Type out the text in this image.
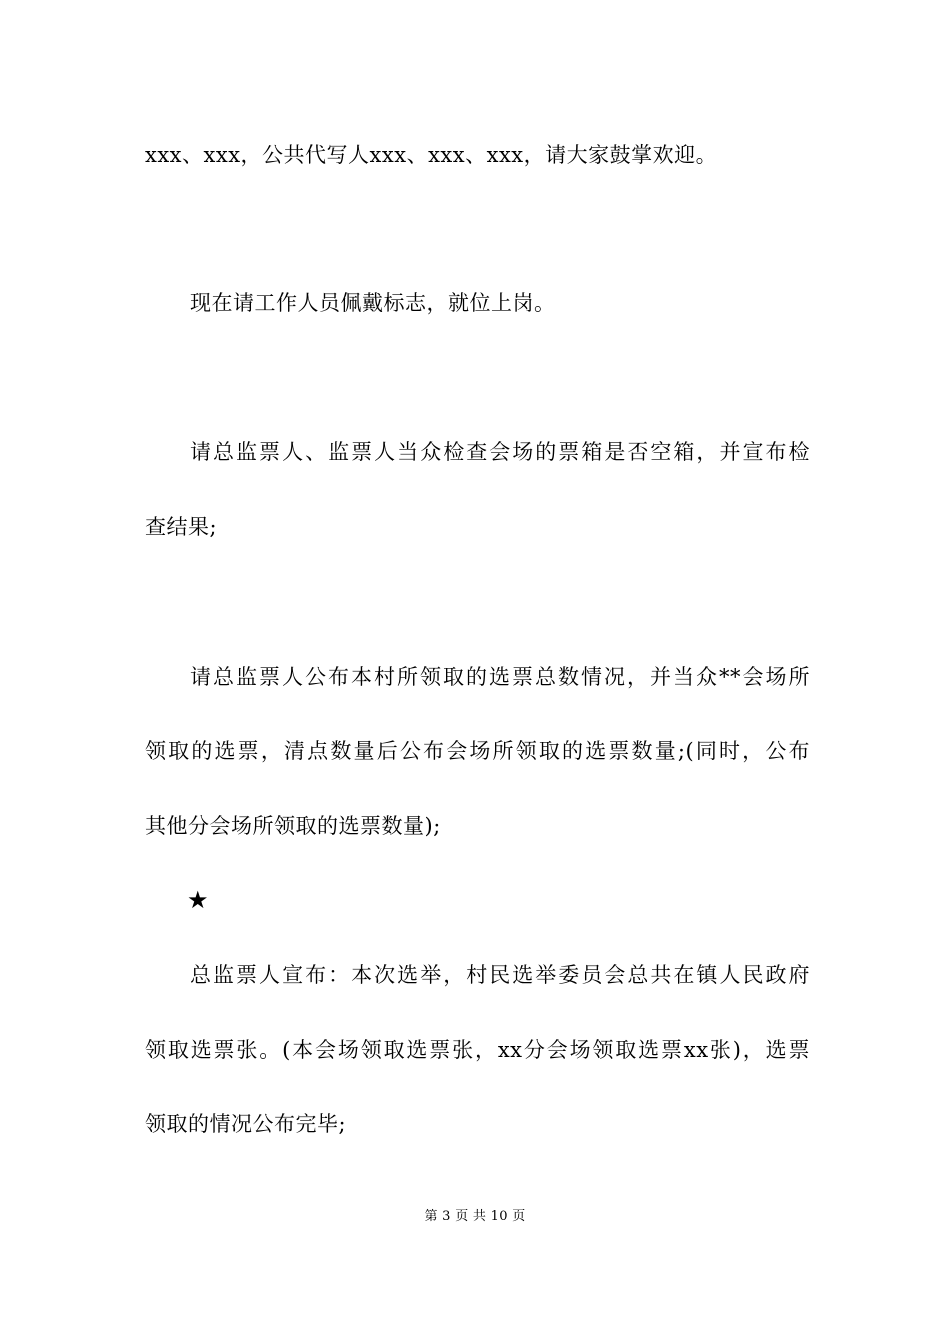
xxx、xxx，公共代写人xxx、xxx、xxx，请大家鼓掌欢迎。
现在请工作人员佩戴标志，就位上岗。
请总监票人、监票人当众检查会场的票箱是否空箱，并宣布检
查结果;
请总监票人公布本村所领取的选票总数情况，并当众**会场所
领取的选票，清点数量后公布会场所领取的选票数量;(同时，公布
其他分会场所领取的选票数量);
★
总监票人宣布：本次选举，村民选举委员会总共在镇人民政府
领取选票张。(本会场领取选票张，xx分会场领取选票xx张)，选票
领取的情况公布完毕;
第 3 页 共 10 页
